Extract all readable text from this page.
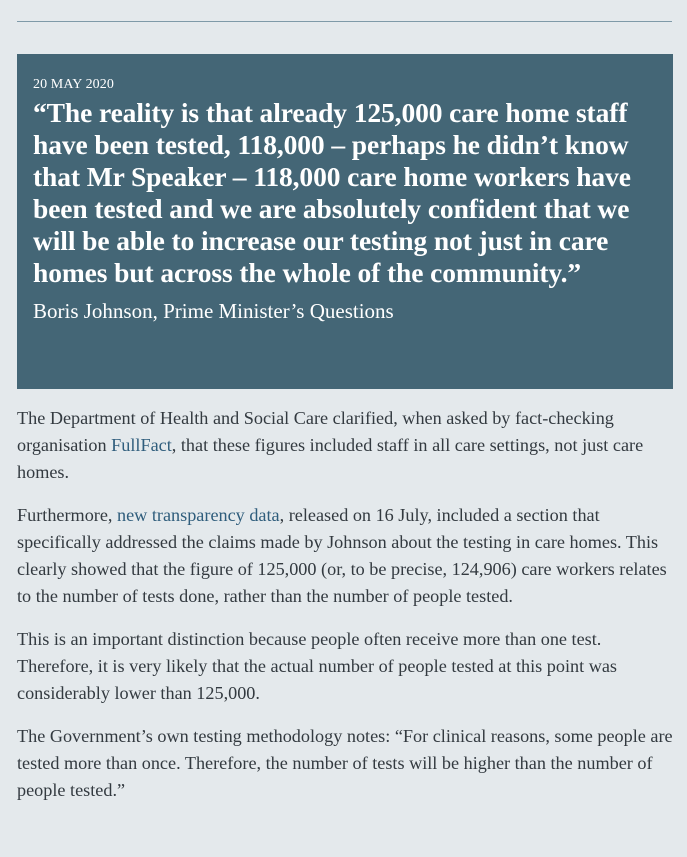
20 MAY 2020

“The reality is that already 125,000 care home staff have been tested, 118,000 – perhaps he didn’t know that Mr Speaker – 118,000 care home workers have been tested and we are absolutely confident that we will be able to increase our testing not just in care homes but across the whole of the community.”

Boris Johnson, Prime Minister’s Questions

The Department of Health and Social Care clarified, when asked by fact-checking organisation FullFact, that these figures included staff in all care settings, not just care homes.

Furthermore, new transparency data, released on 16 July, included a section that specifically addressed the claims made by Johnson about the testing in care homes. This clearly showed that the figure of 125,000 (or, to be precise, 124,906) care workers relates to the number of tests done, rather than the number of people tested.

This is an important distinction because people often receive more than one test. Therefore, it is very likely that the actual number of people tested at this point was considerably lower than 125,000.

The Government’s own testing methodology notes: “For clinical reasons, some people are tested more than once. Therefore, the number of tests will be higher than the number of people tested.”
